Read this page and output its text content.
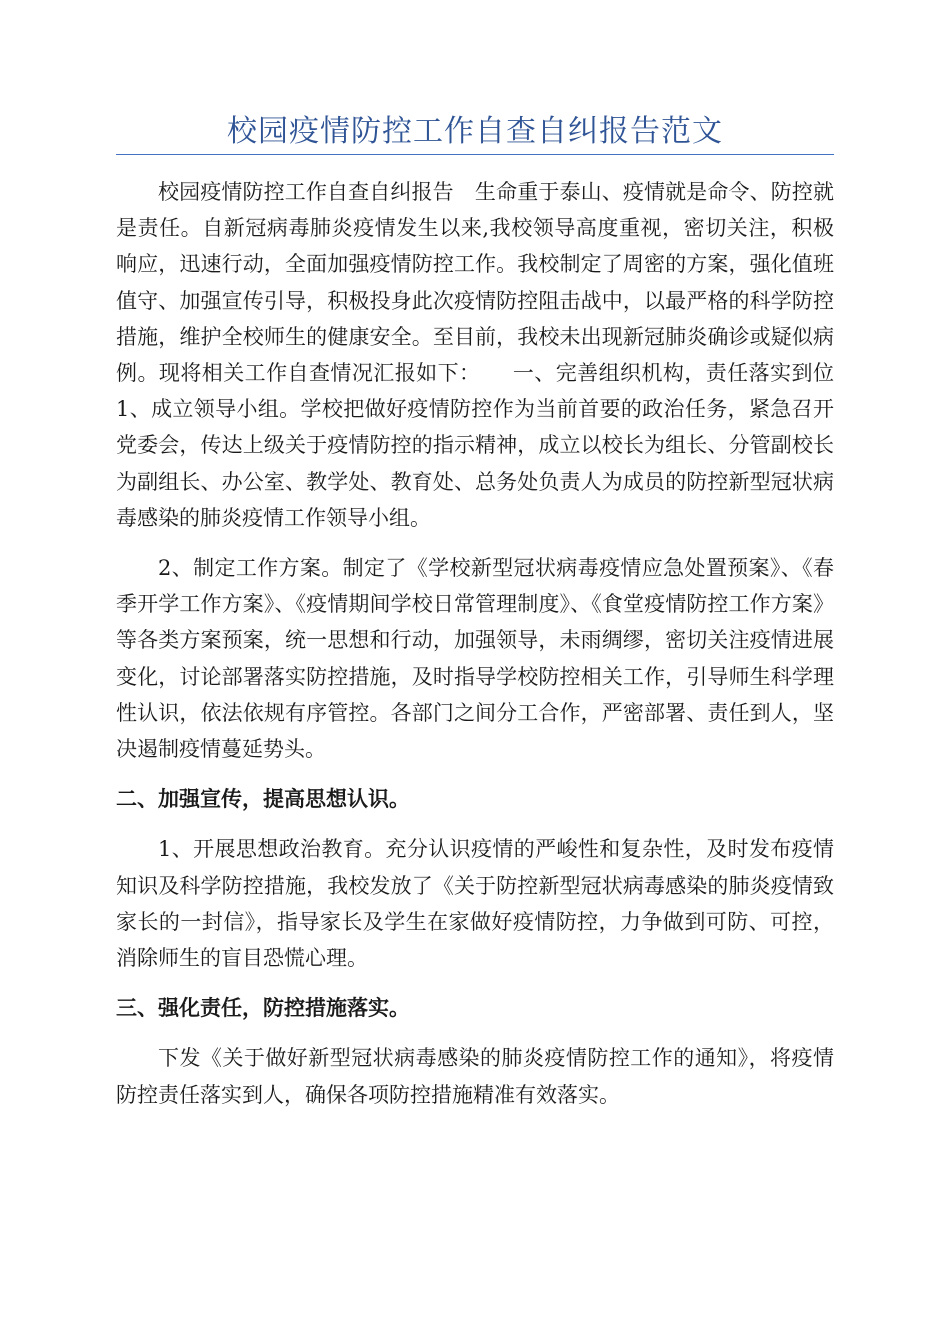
校园疫情防控工作自查自纠报告范文

校园疫情防控工作自查自纠报告　生命重于泰山、疫情就是命令、防控就是责任。自新冠病毒肺炎疫情发生以来,我校领导高度重视，密切关注，积极响应，迅速行动，全面加强疫情防控工作。我校制定了周密的方案，强化值班值守、加强宣传引导，积极投身此次疫情防控阻击战中，以最严格的科学防控措施，维护全校师生的健康安全。至目前，我校未出现新冠肺炎确诊或疑似病例。现将相关工作自查情况汇报如下：　　一、完善组织机构，责任落实到位　1、成立领导小组。学校把做好疫情防控作为当前首要的政治任务，紧急召开党委会，传达上级关于疫情防控的指示精神，成立以校长为组长、分管副校长为副组长、办公室、教学处、教育处、总务处负责人为成员的防控新型冠状病毒感染的肺炎疫情工作领导小组。

2、制定工作方案。制定了《学校新型冠状病毒疫情应急处置预案》、《春季开学工作方案》、《疫情期间学校日常管理制度》、《食堂疫情防控工作方案》等各类方案预案，统一思想和行动，加强领导，未雨绸缪，密切关注疫情进展变化，讨论部署落实防控措施，及时指导学校防控相关工作，引导师生科学理性认识，依法依规有序管控。各部门之间分工合作，严密部署、责任到人，坚决遏制疫情蔓延势头。

二、加强宣传，提高思想认识。

1、开展思想政治教育。充分认识疫情的严峻性和复杂性，及时发布疫情知识及科学防控措施，我校发放了《关于防控新型冠状病毒感染的肺炎疫情致家长的一封信》，指导家长及学生在家做好疫情防控，力争做到可防、可控，消除师生的盲目恐慌心理。

三、强化责任，防控措施落实。

下发《关于做好新型冠状病毒感染的肺炎疫情防控工作的通知》，将疫情防控责任落实到人，确保各项防控措施精准有效落实。
